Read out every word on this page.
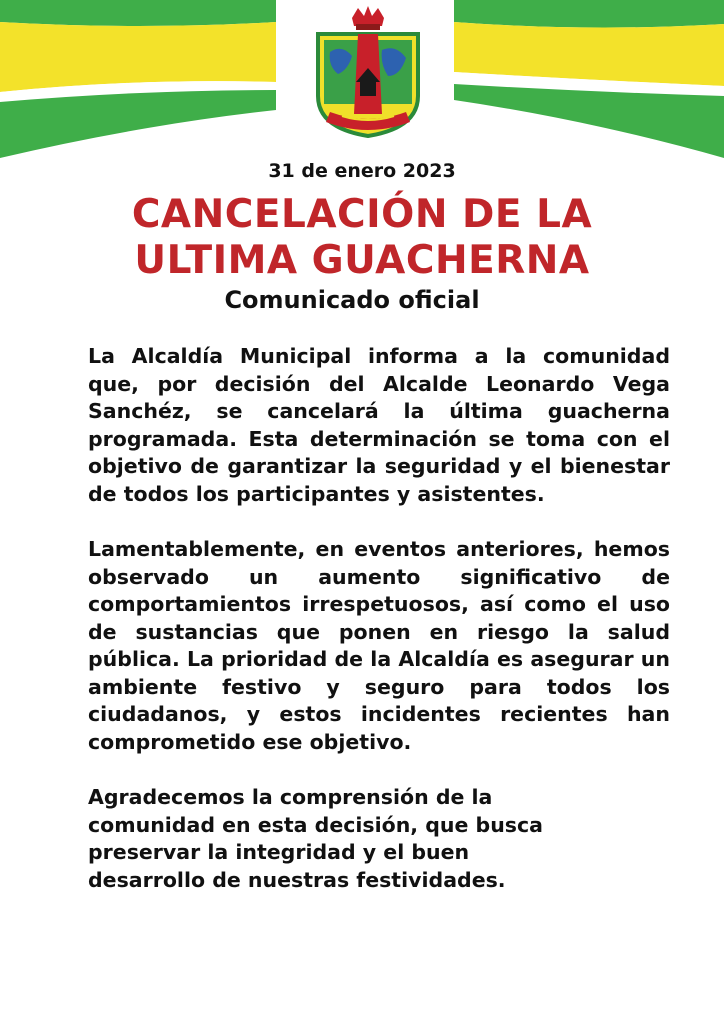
31 de enero 2023
CANCELACIÓN DE LA
ULTIMA GUACHERNA
Comunicado oficial

La Alcaldía Municipal informa a la comunidad que, por decisión del Alcalde Leonardo Vega Sanchéz, se cancelará la última guacherna programada. Esta determinación se toma con el objetivo de garantizar la seguridad y el bienestar de todos los participantes y asistentes.

Lamentablemente, en eventos anteriores, hemos observado un aumento significativo de comportamientos irrespetuosos, así como el uso de sustancias que ponen en riesgo la salud pública. La prioridad de la Alcaldía es asegurar un ambiente festivo y seguro para todos los ciudadanos, y estos incidentes recientes han comprometido ese objetivo.

Agradecemos la comprensión de la comunidad en esta decisión, que busca preservar la integridad y el buen desarrollo de nuestras festividades.
